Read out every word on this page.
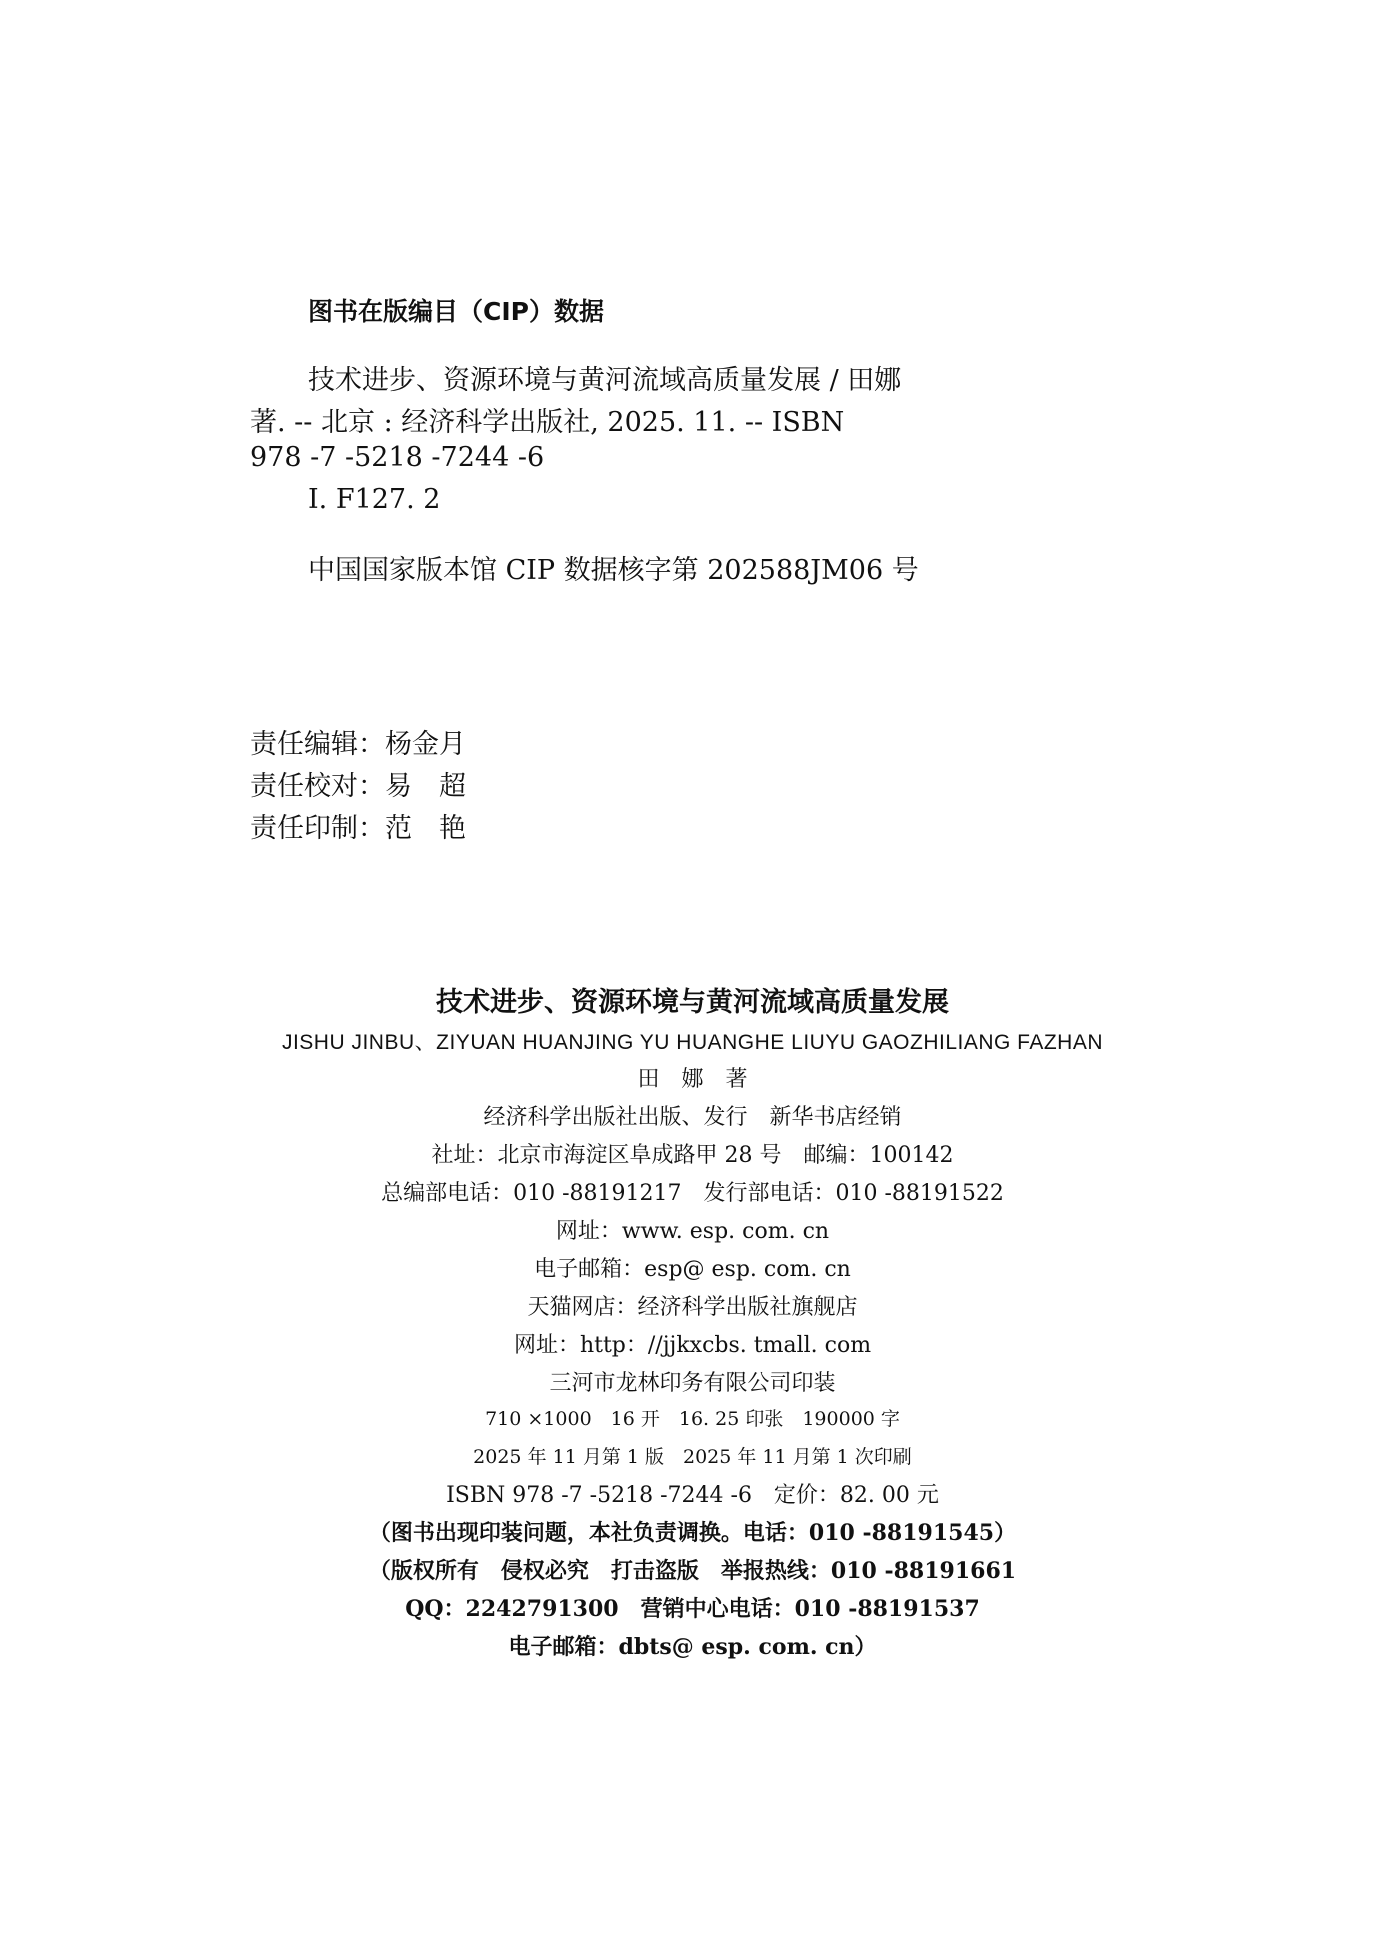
图书在版编目（CIP）数据
技术进步、资源环境与黄河流域高质量发展 / 田娜
著. -- 北京 : 经济科学出版社, 2025. 11. -- ISBN
978 -7 -5218 -7244 -6
Ⅰ. F127. 2
中国国家版本馆 CIP 数据核字第 202588JM06 号
责任编辑：杨金月
责任校对：易　超
责任印制：范　艳
技术进步、资源环境与黄河流域高质量发展
JISHU JINBU、ZIYUAN HUANJING YU HUANGHE LIUYU GAOZHILIANG FAZHAN
田　娜　著
经济科学出版社出版、发行　新华书店经销
社址：北京市海淀区阜成路甲 28 号　邮编：100142
总编部电话：010 -88191217　发行部电话：010 -88191522
网址：www. esp. com. cn
电子邮箱：esp@ esp. com. cn
天猫网店：经济科学出版社旗舰店
网址：http：//jjkxcbs. tmall. com
三河市龙林印务有限公司印装
710 ×1000　16 开　16. 25 印张　190000 字
2025 年 11 月第 1 版　2025 年 11 月第 1 次印刷
ISBN 978 -7 -5218 -7244 -6　定价：82. 00 元
（图书出现印装问题，本社负责调换。电话：010 -88191545）
（版权所有　侵权必究　打击盗版　举报热线：010 -88191661
QQ：2242791300　营销中心电话：010 -88191537
电子邮箱：dbts@ esp. com. cn）
